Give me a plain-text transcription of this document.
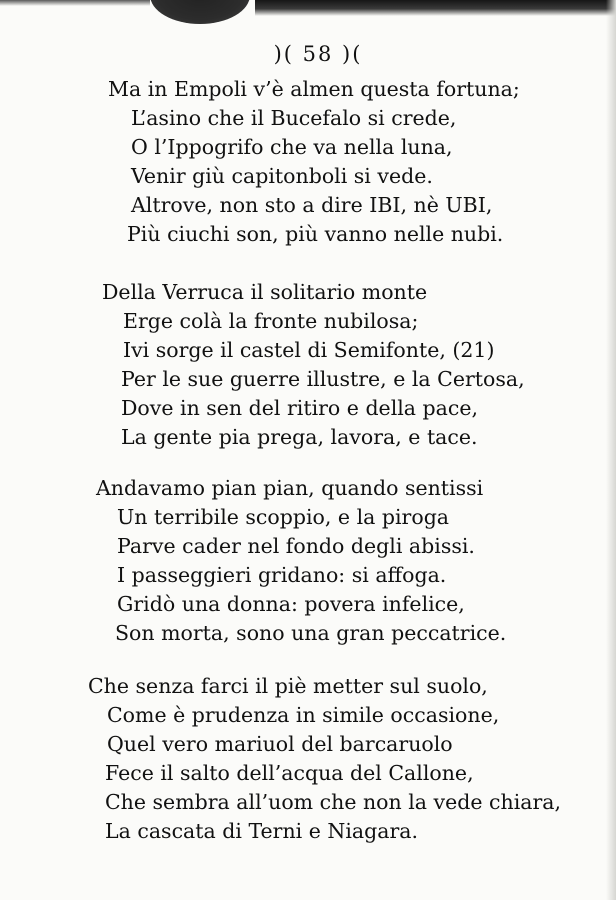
)( 58 )(
Ma in Empoli v’è almen questa fortuna;
L’asino che il Bucefalo si crede,
O l’Ippogrifo che va nella luna,
Venir giù capitonboli si vede.
Altrove, non sto a dire IBI, nè UBI,
Più ciuchi son, più vanno nelle nubi.
Della Verruca il solitario monte
Erge colà la fronte nubilosa;
Ivi sorge il castel di Semifonte, (21)
Per le sue guerre illustre, e la Certosa,
Dove in sen del ritiro e della pace,
La gente pia prega, lavora, e tace.
Andavamo pian pian, quando sentissi
Un terribile scoppio, e la piroga
Parve cader nel fondo degli abissi.
I passeggieri gridano: si affoga.
Gridò una donna: povera infelice,
Son morta, sono una gran peccatrice.
Che senza farci il piè metter sul suolo,
Come è prudenza in simile occasione,
Quel vero mariuol del barcaruolo
Fece il salto dell’acqua del Callone,
Che sembra all’uom che non la vede chiara,
La cascata di Terni e Niagara.
